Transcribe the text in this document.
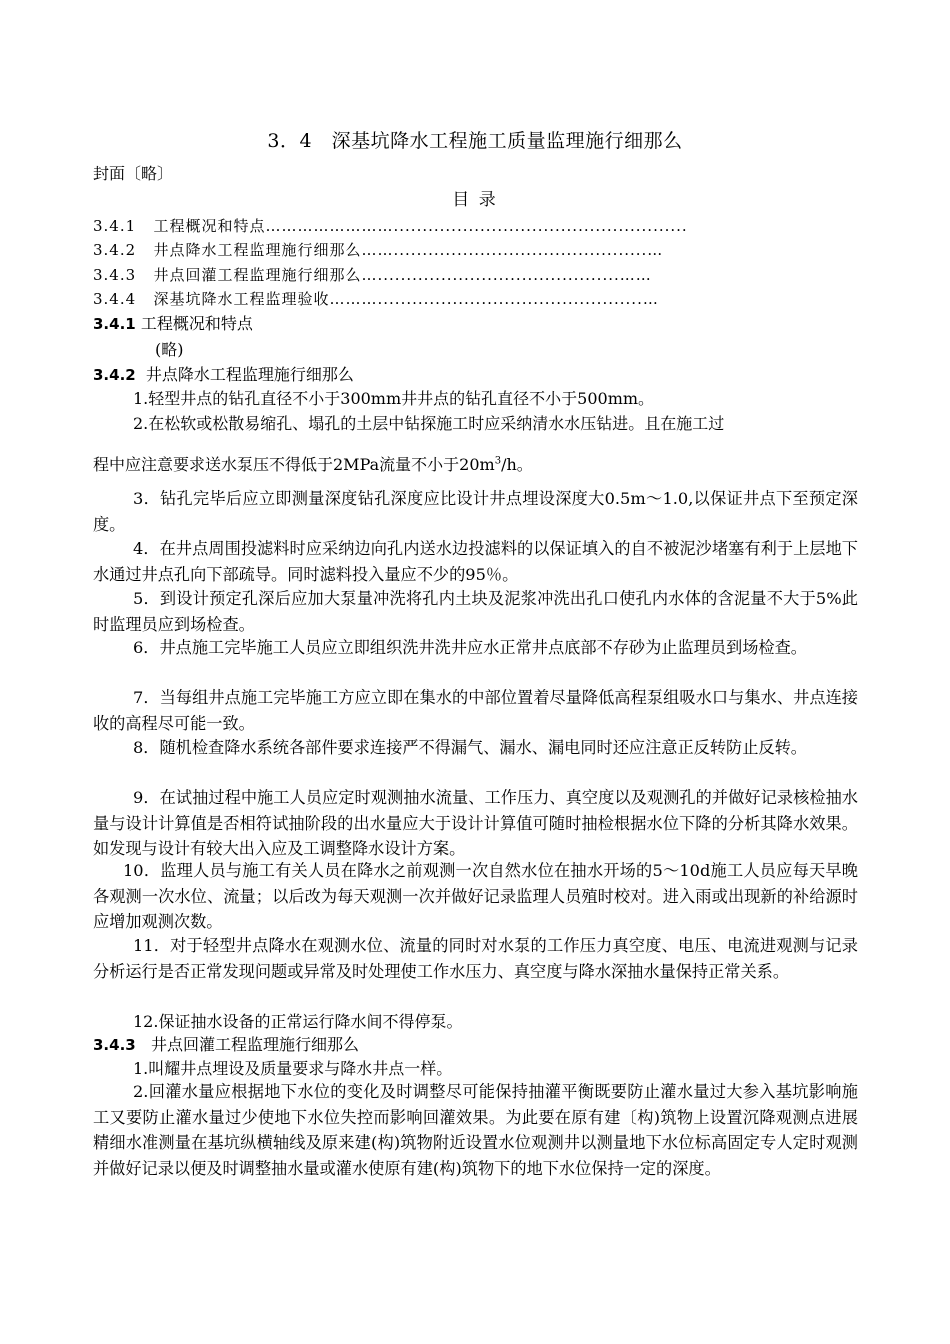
3．4　深基坑降水工程施工质量监理施行细那么
封面〔略〕
目 录
3.4.1 工程概况和特点……………………...................................................
3.4.2 井点降水工程监理施行细那么……............................................…
3.4.3 井点回灌工程监理施行细那么…..........................................……
3.4.4 深基坑降水工程监理验收………..............................................…
3.4.1 工程概况和特点
(略)
3.4.2 井点降水工程监理施行细那么
1.轻型井点的钻孔直径不小于300mm井井点的钻孔直径不小于500mm。
2.在松软或松散易缩孔、塌孔的土层中钻探施工时应采纳清水水压钻进。且在施工过
程中应注意要求送水泵压不得低于2MPa流量不小于$20m^3/h$。
3．钻孔完毕后应立即测量深度钻孔深度应比设计井点埋设深度大0.5m～1.0,以保证井点下至预定深度。
4．在井点周围投滤料时应采纳边向孔内送水边投滤料的以保证填入的自不被泥沙堵塞有利于上层地下水通过井点孔向下部疏导。同时滤料投入量应不少的95％。
5．到设计预定孔深后应加大泵量冲洗将孔内土块及泥浆冲洗出孔口使孔内水体的含泥量不大于5%此时监理员应到场检查。
6．井点施工完毕施工人员应立即组织洗井洗井应水正常井点底部不存砂为止监理员到场检查。
7．当每组井点施工完毕施工方应立即在集水的中部位置着尽量降低高程泵组吸水口与集水、井点连接收的高程尽可能一致。
8．随机检查降水系统各部件要求连接严不得漏气、漏水、漏电同时还应注意正反转防止反转。
9．在试抽过程中施工人员应定时观测抽水流量、工作压力、真空度以及观测孔的并做好记录核检抽水量与设计计算值是否相符试抽阶段的出水量应大于设计计算值可随时抽检根据水位下降的分析其降水效果。如发现与设计有较大出入应及工调整降水设计方案。
10．监理人员与施工有关人员在降水之前观测一次自然水位在抽水开场的5～10d施工人员应每天早晚各观测一次水位、流量；以后改为每天观测一次并做好记录监理人员殖时校对。进入雨或出现新的补给源时应增加观测次数。
11．对于轻型井点降水在观测水位、流量的同时对水泵的工作压力真空度、电压、电流进观测与记录分析运行是否正常发现问题或异常及时处理使工作水压力、真空度与降水深抽水量保持正常关系。
12.保证抽水设备的正常运行降水间不得停泵。
3.4.3 井点回灌工程监理施行细那么
1.叫耀井点埋设及质量要求与降水井点一样。
2.回灌水量应根据地下水位的变化及时调整尽可能保持抽灌平衡既要防止灌水量过大参入基坑影响施工又要防止灌水量过少使地下水位失控而影响回灌效果。为此要在原有建〔构)筑物上设置沉降观测点进展精细水准测量在基坑纵横轴线及原来建(构)筑物附近设置水位观测井以测量地下水位标高固定专人定时观测并做好记录以便及时调整抽水量或灌水使原有建(构)筑物下的地下水位保持一定的深度。
